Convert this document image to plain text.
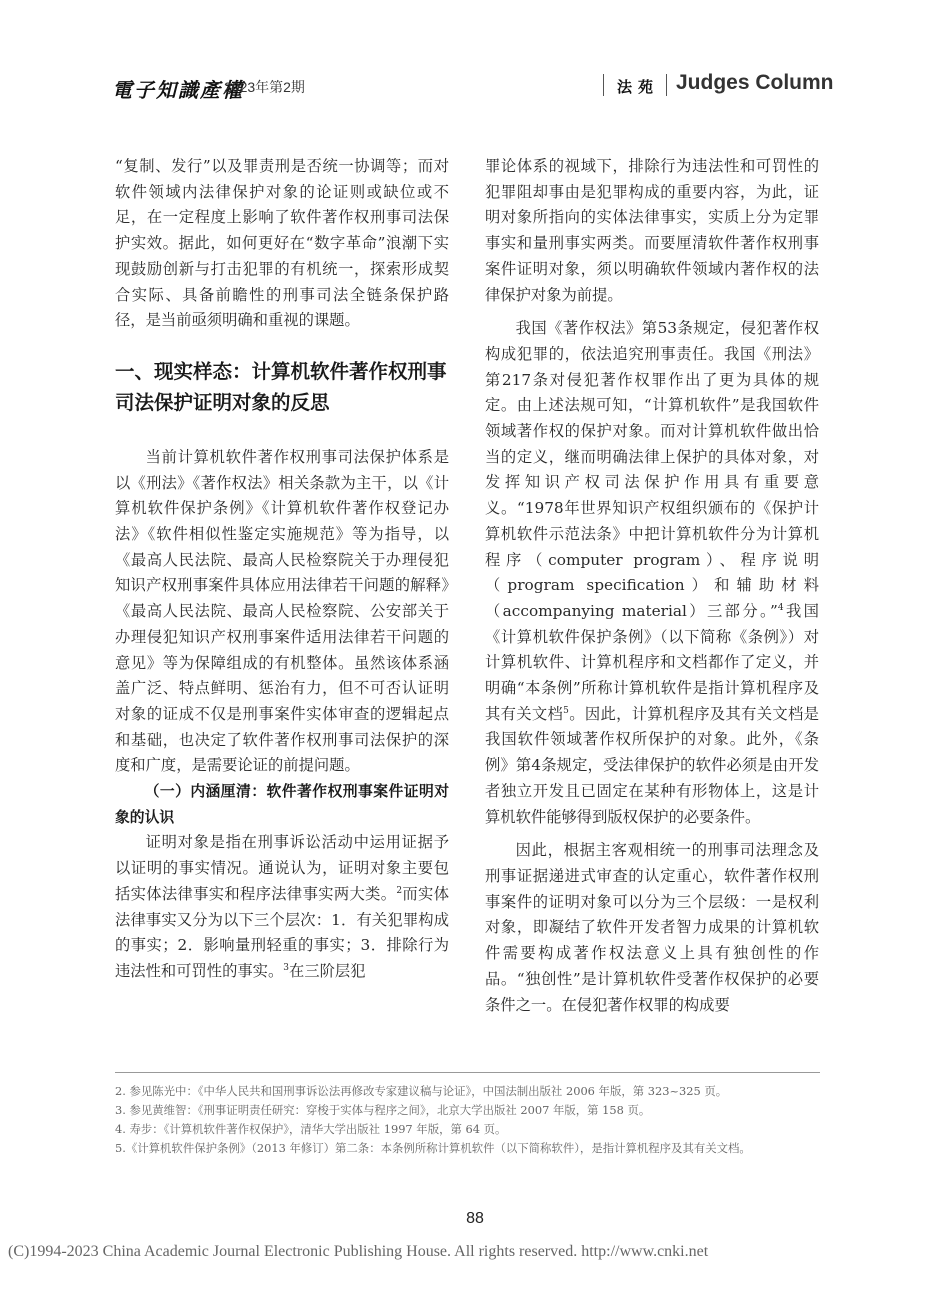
電子知識產權
2023年第2期	法苑 Judges Column

“复制、发行”以及罪责刑是否统一协调等；而对软件领域内法律保护对象的论证则或缺位或不足，在一定程度上影响了软件著作权刑事司法保护实效。据此，如何更好在“数字革命”浪潮下实现鼓励创新与打击犯罪的有机统一，探索形成契合实际、具备前瞻性的刑事司法全链条保护路径，是当前亟须明确和重视的课题。

一、现实样态：计算机软件著作权刑事司法保护证明对象的反思

当前计算机软件著作权刑事司法保护体系是以《刑法》《著作权法》相关条款为主干，以《计算机软件保护条例》《计算机软件著作权登记办法》《软件相似性鉴定实施规范》等为指导，以《最高人民法院、最高人民检察院关于办理侵犯知识产权刑事案件具体应用法律若干问题的解释》《最高人民法院、最高人民检察院、公安部关于办理侵犯知识产权刑事案件适用法律若干问题的意见》等为保障组成的有机整体。虽然该体系涵盖广泛、特点鲜明、惩治有力，但不可否认证明对象的证成不仅是刑事案件实体审查的逻辑起点和基础，也决定了软件著作权刑事司法保护的深度和广度，是需要论证的前提问题。

（一）内涵厘清：软件著作权刑事案件证明对象的认识

证明对象是指在刑事诉讼活动中运用证据予以证明的事实情况。通说认为，证明对象主要包括实体法律事实和程序法律事实两大类。$^2$而实体法律事实又分为以下三个层次：1．有关犯罪构成的事实；2．影响量刑轻重的事实；3．排除行为违法性和可罚性的事实。$^3$在三阶层犯

罪论体系的视域下，排除行为违法性和可罚性的犯罪阻却事由是犯罪构成的重要内容，为此，证明对象所指向的实体法律事实，实质上分为定罪事实和量刑事实两类。而要厘清软件著作权刑事案件证明对象，须以明确软件领域内著作权的法律保护对象为前提。

我国《著作权法》第53条规定，侵犯著作权构成犯罪的，依法追究刑事责任。我国《刑法》第217条对侵犯著作权罪作出了更为具体的规定。由上述法规可知，“计算机软件”是我国软件领域著作权的保护对象。而对计算机软件做出恰当的定义，继而明确法律上保护的具体对象，对发挥知识产权司法保护作用具有重要意义。“1978年世界知识产权组织颁布的《保护计算机软件示范法条》中把计算机软件分为计算机程序（computer program）、程序说明（program specification）和辅助材料（accompanying material）三部分。”$^4$我国《计算机软件保护条例》（以下简称《条例》）对计算机软件、计算机程序和文档都作了定义，并明确“本条例”所称计算机软件是指计算机程序及其有关文档$^5$。因此，计算机程序及其有关文档是我国软件领域著作权所保护的对象。此外，《条例》第4条规定，受法律保护的软件必须是由开发者独立开发且已固定在某种有形物体上，这是计算机软件能够得到版权保护的必要条件。

因此，根据主客观相统一的刑事司法理念及刑事证据递进式审查的认定重心，软件著作权刑事案件的证明对象可以分为三个层级：一是权利对象，即凝结了软件开发者智力成果的计算机软件需要构成著作权法意义上具有独创性的作品。“独创性”是计算机软件受著作权保护的必要条件之一。在侵犯著作权罪的构成要

2. 参见陈光中：《中华人民共和国刑事诉讼法再修改专家建议稿与论证》，中国法制出版社 2006 年版，第 323~325 页。
3. 参见黄维智：《刑事证明责任研究：穿梭于实体与程序之间》，北京大学出版社 2007 年版，第 158 页。
4. 寿步：《计算机软件著作权保护》，清华大学出版社 1997 年版，第 64 页。
5.《计算机软件保护条例》（2013 年修订）第二条：本条例所称计算机软件（以下简称软件），是指计算机程序及其有关文档。
88
(C)1994-2023 China Academic Journal Electronic Publishing House. All rights reserved. http://www.cnki.net
